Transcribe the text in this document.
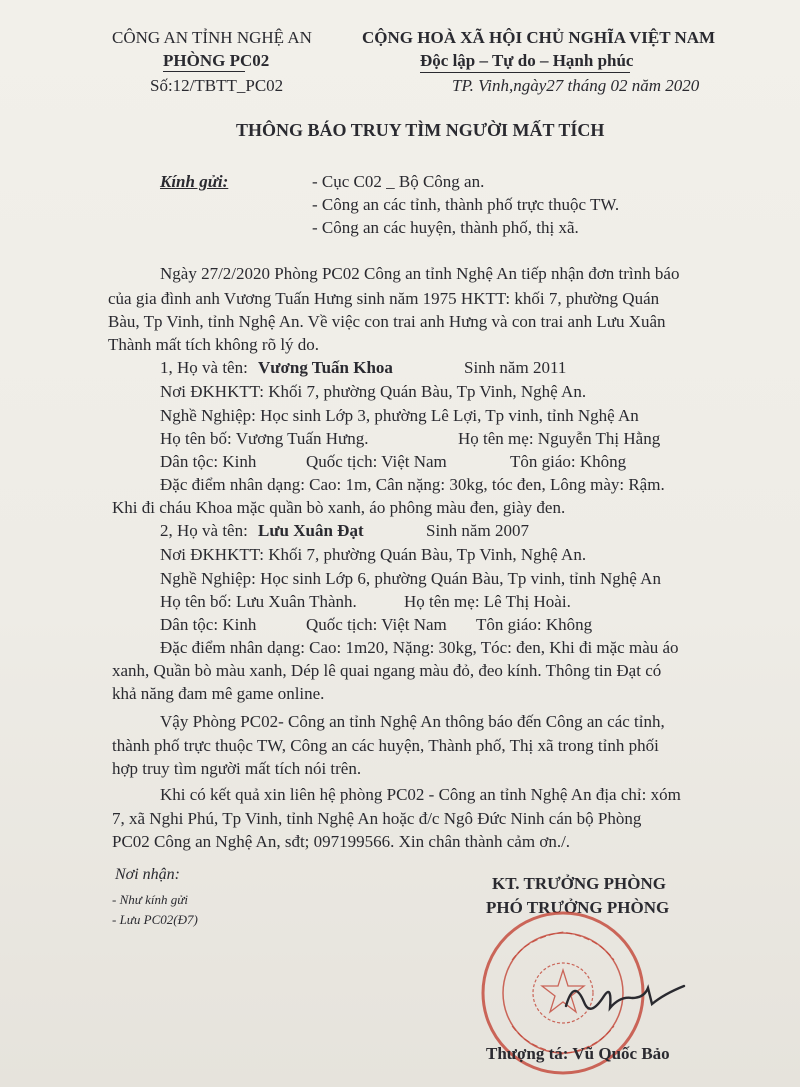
CÔNG AN TỈNH NGHỆ AN
PHÒNG PC02
Số:12/TBTT_PC02
CỘNG HOÀ XÃ HỘI CHỦ NGHĨA VIỆT NAM
Độc lập – Tự do – Hạnh phúc
TP. Vinh,ngày27 tháng 02 năm 2020
THÔNG BÁO TRUY TÌM NGƯỜI MẤT TÍCH
Kính gửi:	- Cục C02 _ Bộ Công an.
- Công an các tỉnh, thành phố trực thuộc TW.
- Công an các huyện, thành phố, thị xã.
Ngày 27/2/2020 Phòng PC02 Công an tỉnh Nghệ An tiếp nhận đơn trình báo
của gia đình anh Vương Tuấn Hưng sinh năm 1975 HKTT: khối 7, phường Quán
Bàu, Tp Vinh, tỉnh Nghệ An. Về việc con trai anh Hưng và con trai anh Lưu Xuân
Thành mất tích không rõ lý do.
1, Họ và tên: Vương Tuấn Khoa	Sinh năm 2011
Nơi ĐKHKTT: Khối 7, phường Quán Bàu, Tp Vinh, Nghệ An.
Nghề Nghiệp: Học sinh Lớp 3, phường Lê Lợi, Tp vinh, tỉnh Nghệ An
Họ tên bố: Vương Tuấn Hưng.	Họ tên mẹ: Nguyễn Thị Hằng
Dân tộc: Kinh	Quốc tịch: Việt Nam	Tôn giáo: Không
Đặc điểm nhân dạng: Cao: 1m, Cân nặng: 30kg, tóc đen, Lông mày: Rậm.
Khi đi cháu Khoa mặc quần bò xanh, áo phông màu đen, giày đen.
2, Họ và tên: Lưu Xuân Đạt	Sinh năm 2007
Nơi ĐKHKTT: Khối 7, phường Quán Bàu, Tp Vinh, Nghệ An.
Nghề Nghiệp: Học sinh Lớp 6, phường Quán Bàu, Tp vinh, tỉnh Nghệ An
Họ tên bố: Lưu Xuân Thành.	Họ tên mẹ: Lê Thị Hoài.
Dân tộc: Kinh	Quốc tịch: Việt Nam Tôn giáo: Không
Đặc điểm nhân dạng: Cao: 1m20, Nặng: 30kg, Tóc: đen, Khi đi mặc màu áo
xanh, Quần bò màu xanh, Dép lê quai ngang màu đỏ, đeo kính. Thông tin Đạt có
khả năng đam mê game online.
Vậy Phòng PC02- Công an tỉnh Nghệ An thông báo đến Công an các tỉnh,
thành phố trực thuộc TW, Công an các huyện, Thành phố, Thị xã trong tỉnh phối
hợp truy tìm người mất tích nói trên.
Khi có kết quả xin liên hệ phòng PC02 - Công an tỉnh Nghệ An địa chỉ: xóm
7, xã Nghi Phú, Tp Vinh, tỉnh Nghệ An hoặc đ/c Ngô Đức Ninh cán bộ Phòng
PC02 Công an Nghệ An, sđt; 097199566. Xin chân thành cảm ơn./.
Nơi nhận:
- Như kính gửi
- Lưu PC02(Đ7)
KT. TRƯỞNG PHÒNG
PHÓ TRƯỞNG PHÒNG
Thượng tá: Vũ Quốc Bảo
